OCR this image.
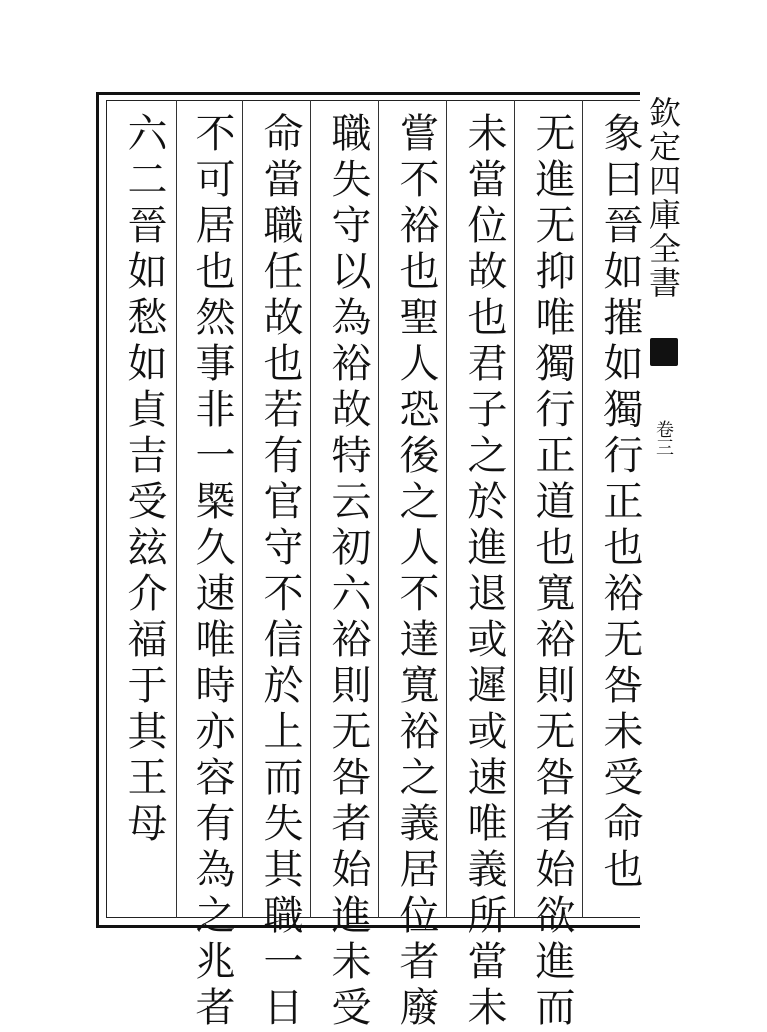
欽定四庫全書
卷三
象曰晉如摧如獨行正也裕无咎未受命也
无進无抑唯獨行正道也寬裕則无咎者始欲進而
未當位故也君子之於進退或遲或速唯義所當未
嘗不裕也聖人恐後之人不達寬裕之義居位者廢
職失守以為裕故特云初六裕則无咎者始進未受
命當職任故也若有官守不信於上而失其職一日
不可居也然事非一槩久速唯時亦容有為之兆者
六二晉如愁如貞吉受玆介福于其王母
